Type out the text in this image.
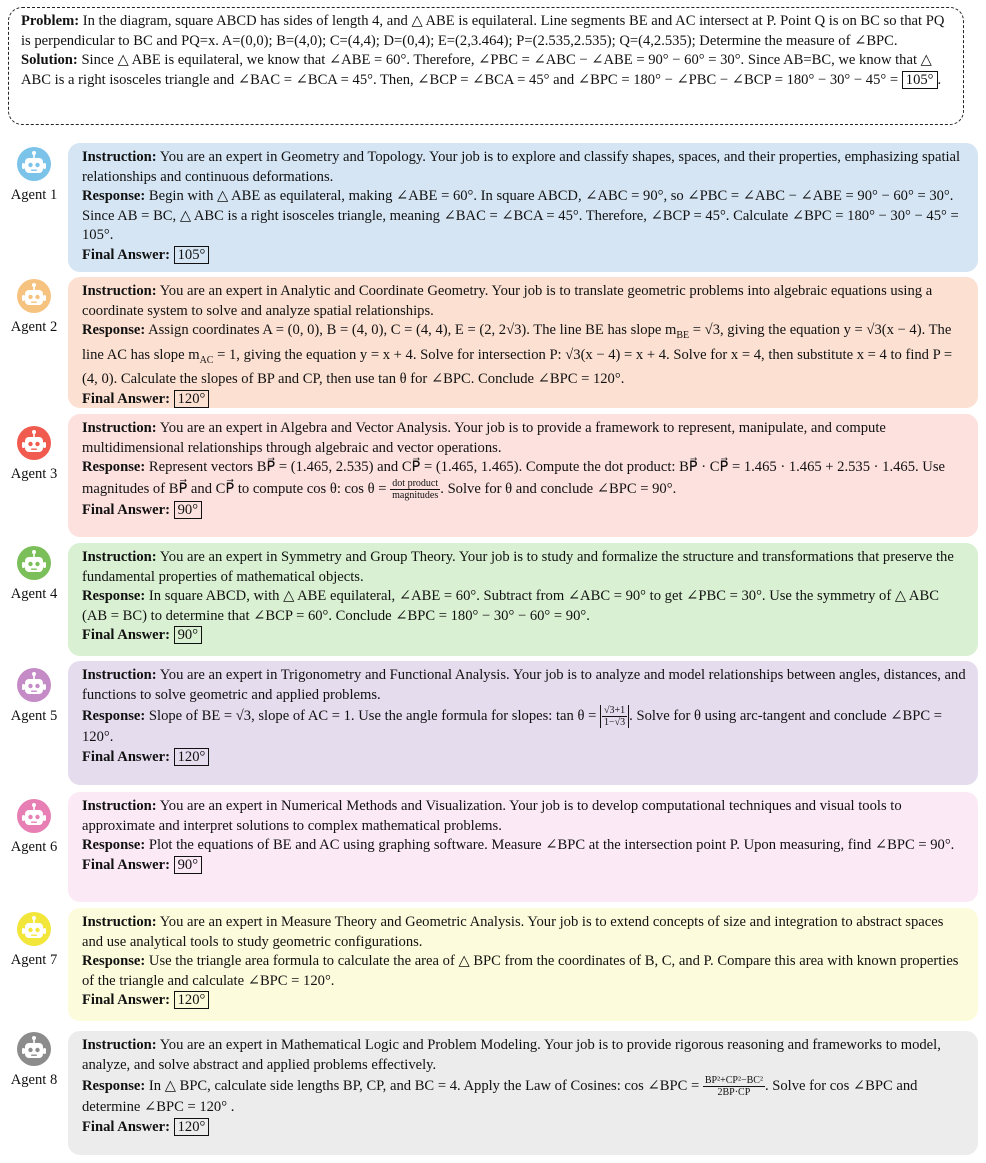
Problem: In the diagram, square ABCD has sides of length 4, and △ ABE is equilateral. Line segments BE and AC intersect at P. Point Q is on BC so that PQ is perpendicular to BC and PQ=x. A=(0,0); B=(4,0); C=(4,4); D=(0,4); E=(2,3.464); P=(2.535,2.535); Q=(4,2.535); Determine the measure of ∠BPC.

Solution: Since △ ABE is equilateral, we know that ∠ABE = 60°. Therefore, ∠PBC = ∠ABC − ∠ABE = 90° − 60° = 30°. Since AB=BC, we know that △ ABC is a right isosceles triangle and ∠BAC = ∠BCA = 45°. Then, ∠BCP = ∠BCA = 45° and ∠BPC = 180° − ∠PBC − ∠BCP = 180° − 30° − 45° = 105° .

Agent 1

Instruction: You are an expert in Geometry and Topology. Your job is to explore and classify shapes, spaces, and their properties, emphasizing spatial relationships and continuous deformations.

Response: Begin with △ ABE as equilateral, making ∠ABE = 60°. In square ABCD, ∠ABC = 90°, so ∠PBC = ∠ABC − ∠ABE = 90° − 60° = 30°. Since AB = BC, △ ABC is a right isosceles triangle, meaning ∠BAC = ∠BCA = 45°. Therefore, ∠BCP = 45°. Calculate ∠BPC = 180° − 30° − 45° = 105°.

Final Answer: 105°

Agent 2

Instruction: You are an expert in Analytic and Coordinate Geometry. Your job is to translate geometric problems into algebraic equations using a coordinate system to solve and analyze spatial relationships.

Response: Assign coordinates A = (0, 0), B = (4, 0), C = (4, 4), E = (2, 2√3). The line BE has slope $m_{BE} = √3$, giving the equation y = √3(x − 4). The line AC has slope $m_{AC} = 1$, giving the equation y = x + 4. Solve for intersection P: √3(x − 4) = x + 4. Solve for x = 4, then substitute x = 4 to find P = (4, 0). Calculate the slopes of BP and CP, then use tan θ for ∠BPC. Conclude ∠BPC = 120°.

Final Answer: 120°

Agent 3

Instruction: You are an expert in Algebra and Vector Analysis. Your job is to provide a framework to represent, manipulate, and compute multidimensional relationships through algebraic and vector operations.

Response: Represent vectors BP⃗ = (1.465, 2.535) and CP⃗ = (1.465, 1.465). Compute the dot product: BP⃗ · CP⃗ = 1.465 · 1.465 + 2.535 · 1.465. Use magnitudes of BP⃗ and CP⃗ to compute cos θ: $\cos \theta = \frac{\text{dot product}}{\text{magnitudes}}$ . Solve for θ and conclude ∠BPC = 90°.

Final Answer: 90°

Agent 4

Instruction: You are an expert in Symmetry and Group Theory. Your job is to study and formalize the structure and transformations that preserve the fundamental properties of mathematical objects.

Response: In square ABCD, with △ ABE equilateral, ∠ABE = 60°. Subtract from ∠ABC = 90° to get ∠PBC = 30°. Use the symmetry of △ ABC (AB = BC) to determine that ∠BCP = 60°. Conclude ∠BPC = 180° − 30° − 60° = 90°.

Final Answer: 90°

Agent 5

Instruction: You are an expert in Trigonometry and Functional Analysis. Your job is to analyze and model relationships between angles, distances, and functions to solve geometric and applied problems.

Response: Slope of BE = √3, slope of AC = 1. Use the angle formula for slopes: $\tan \theta = \frac{√3+1}{1-√3}$ . Solve for θ using arc-tangent and conclude ∠BPC = 120°.

Final Answer: 120°

Agent 6

Instruction: You are an expert in Numerical Methods and Visualization. Your job is to develop computational techniques and visual tools to approximate and interpret solutions to complex mathematical problems.

Response: Plot the equations of BE and AC using graphing software. Measure ∠BPC at the intersection point P. Upon measuring, find ∠BPC = 90°.

Final Answer: 90°

Agent 7

Instruction: You are an expert in Measure Theory and Geometric Analysis. Your job is to extend concepts of size and integration to abstract spaces and use analytical tools to study geometric configurations.

Response: Use the triangle area formula to calculate the area of △ BPC from the coordinates of B, C, and P. Compare this area with known properties of the triangle and calculate ∠BPC = 120°.

Final Answer: 120°

Agent 8

Instruction: You are an expert in Mathematical Logic and Problem Modeling. Your job is to provide rigorous reasoning and frameworks to model, analyze, and solve abstract and applied problems effectively.

Response: In △ BPC, calculate side lengths BP, CP, and BC = 4. Apply the Law of Cosines: cos ∠BPC = $\frac{\text{BP²+CP²−BC²}}{2BP\cdot CP}$ . Solve for cos ∠BPC and determine ∠BPC = 120° .

Final Answer: 120°
